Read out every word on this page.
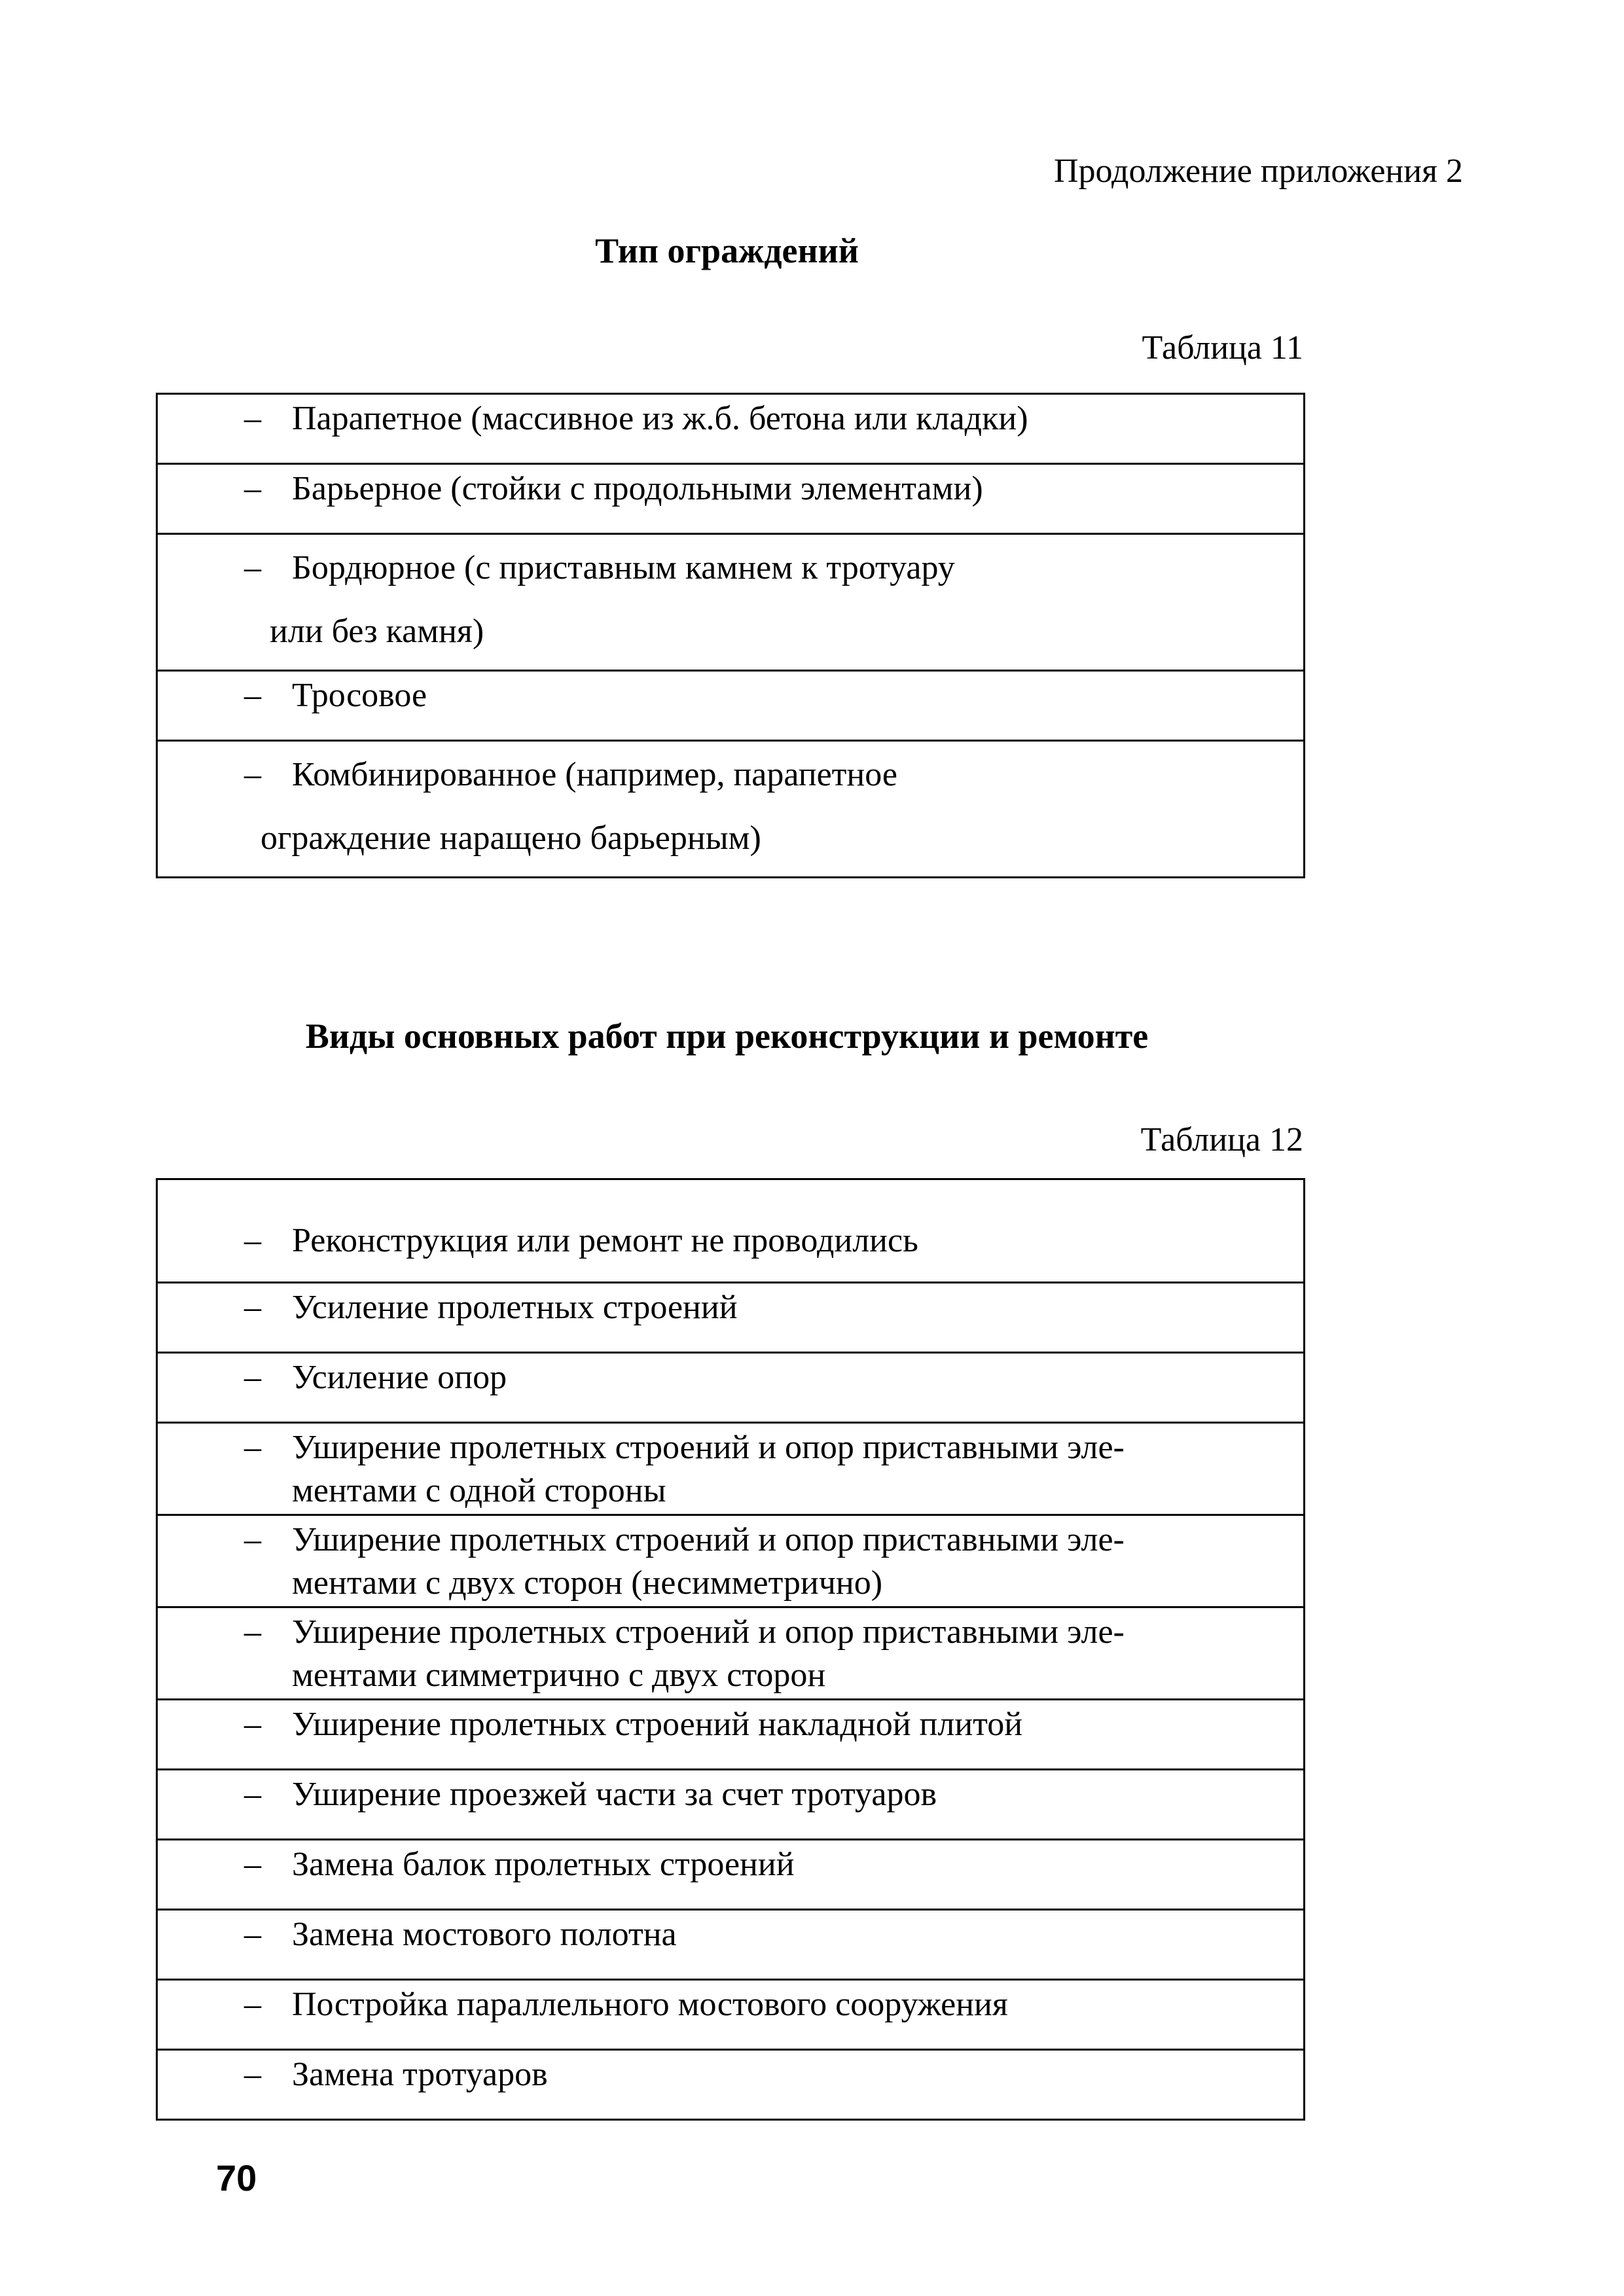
Продолжение приложения 2
Тип ограждений
Таблица 11
– Парапетное (массивное из ж.б. бетона или кладки)

– Барьерное (стойки с продольными элементами)

– Бордюрное (с приставным камнем к тротуару
или без камня)

– Тросовое

– Комбинированное (например, парапетное
ограждение наращено барьерным)
Виды основных работ при реконструкции и ремонте
Таблица 12
– Реконструкция или ремонт не проводились

– Усиление пролетных строений

– Усиление опор

– Уширение пролетных строений и опор приставными эле-
ментами с одной стороны

– Уширение пролетных строений и опор приставными эле-
ментами с двух сторон (несимметрично)

– Уширение пролетных строений и опор приставными эле-
ментами симметрично с двух сторон

– Уширение пролетных строений накладной плитой

– Уширение проезжей части за счет тротуаров

– Замена балок пролетных строений

– Замена мостового полотна

– Постройка параллельного мостового сооружения

– Замена тротуаров
70
